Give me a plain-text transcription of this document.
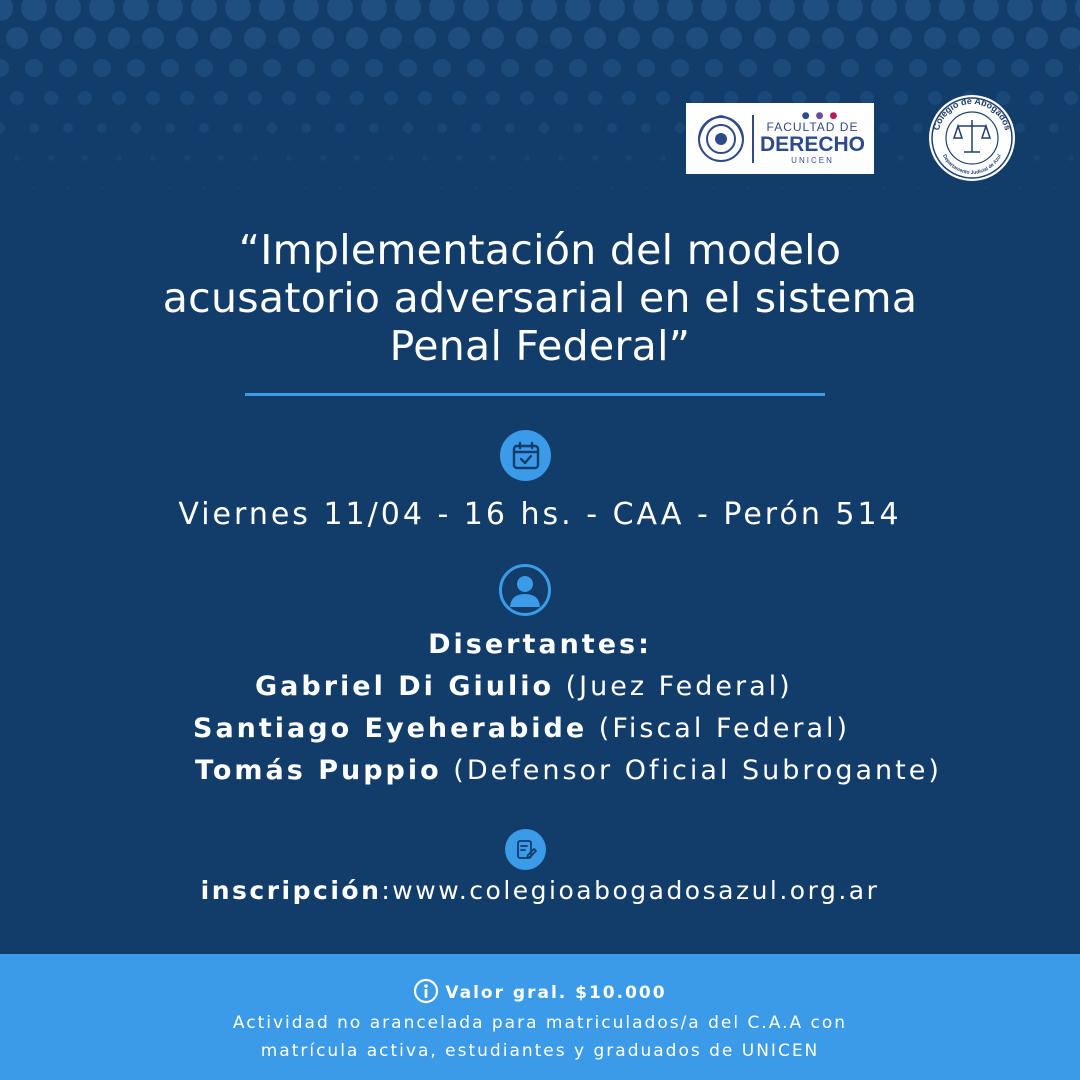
●●●
FACULTAD DE
DERECHO
UNICEN
Colegio de Abogados
Departamento Judicial de Azul
“Implementación del modelo acusatorio adversarial en el sistema Penal Federal”
Viernes 11/04 - 16 hs. - CAA - Perón 514
Disertantes:
Gabriel Di Giulio (Juez Federal)
Santiago Eyeherabide (Fiscal Federal)
Tomás Puppio (Defensor Oficial Subrogante)
inscripción:www.colegioabogadosazul.org.ar
Valor gral. $10.000
Actividad no arancelada para matriculados/a del C.A.A con
matrícula activa, estudiantes y graduados de UNICEN
